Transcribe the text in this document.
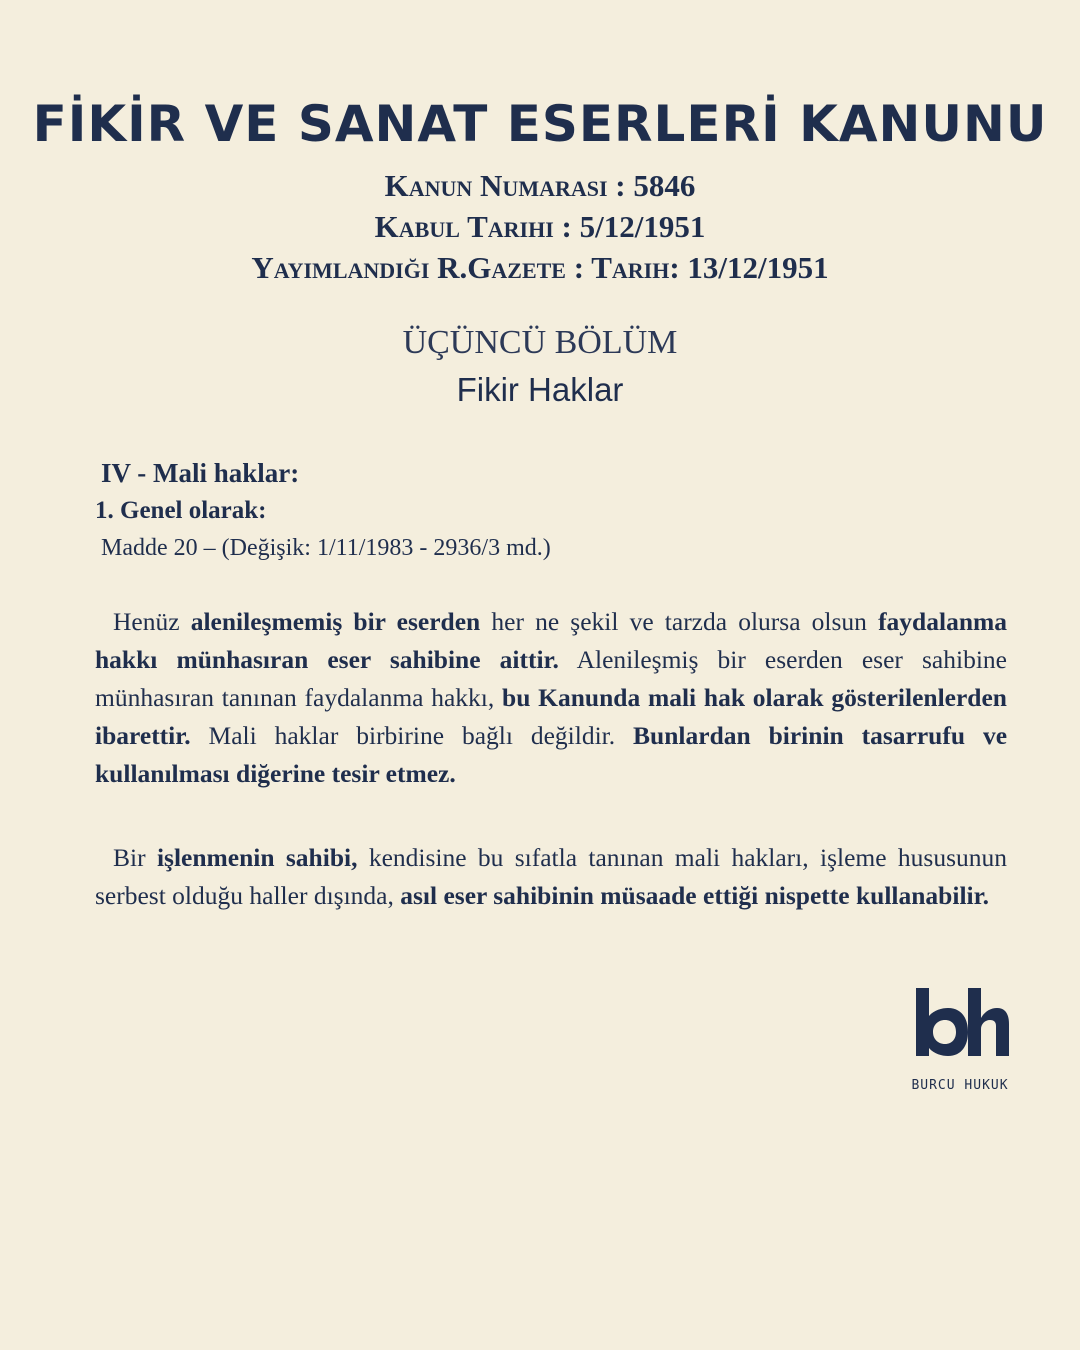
FİKİR VE SANAT ESERLERİ KANUNU
Kanun Numarası : 5846
Kabul Tarihi : 5/12/1951
Yayımlandığı R.Gazete : Tarih: 13/12/1951
ÜÇÜNCÜ BÖLÜM
Fikir Haklar
IV - Mali haklar:
1. Genel olarak:
Madde 20 – (Değişik: 1/11/1983 - 2936/3 md.)

Henüz alenileşmemiş bir eserden her ne şekil ve tarzda olursa olsun faydalanma hakkı münhasıran eser sahibine aittir. Alenileşmiş bir eserden eser sahibine münhasıran tanınan faydalanma hakkı, bu Kanunda mali hak olarak gösterilenlerden ibarettir. Mali haklar birbirine bağlı değildir. Bunlardan birinin tasarrufu ve kullanılması diğerine tesir etmez.

Bir işlenmenin sahibi, kendisine bu sıfatla tanınan mali hakları, işleme hususunun serbest olduğu haller dışında, asıl eser sahibinin müsaade ettiği nispette kullanabilir.

BURCU HUKUK
